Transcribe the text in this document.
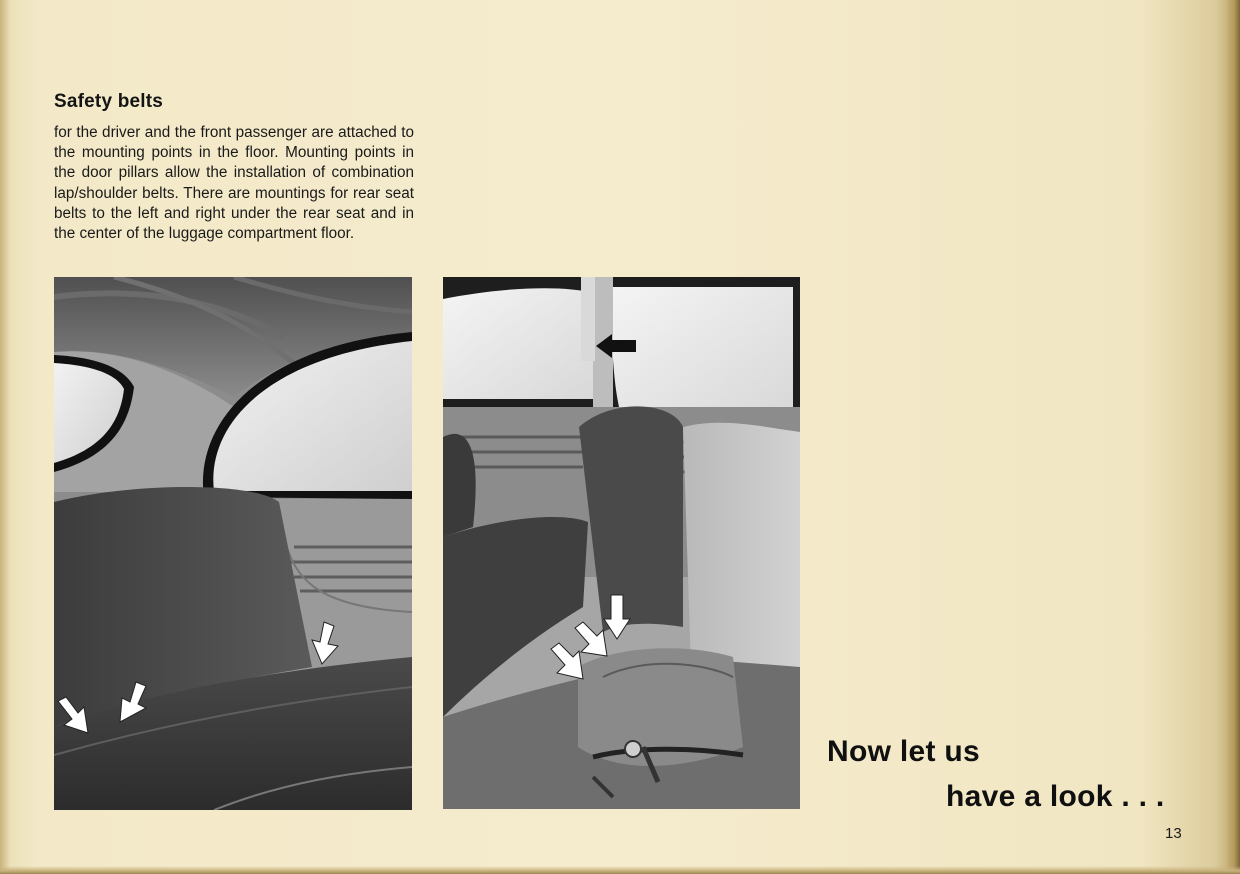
Safety belts
for the driver and the front passenger are attached to the mounting points in the floor. Mounting points in the door pillars allow the installation of combination lap/shoulder belts. There are mountings for rear seat belts to the left and right under the rear seat and in the center of the luggage compartment floor.
Now let us
have a look . . .
13
